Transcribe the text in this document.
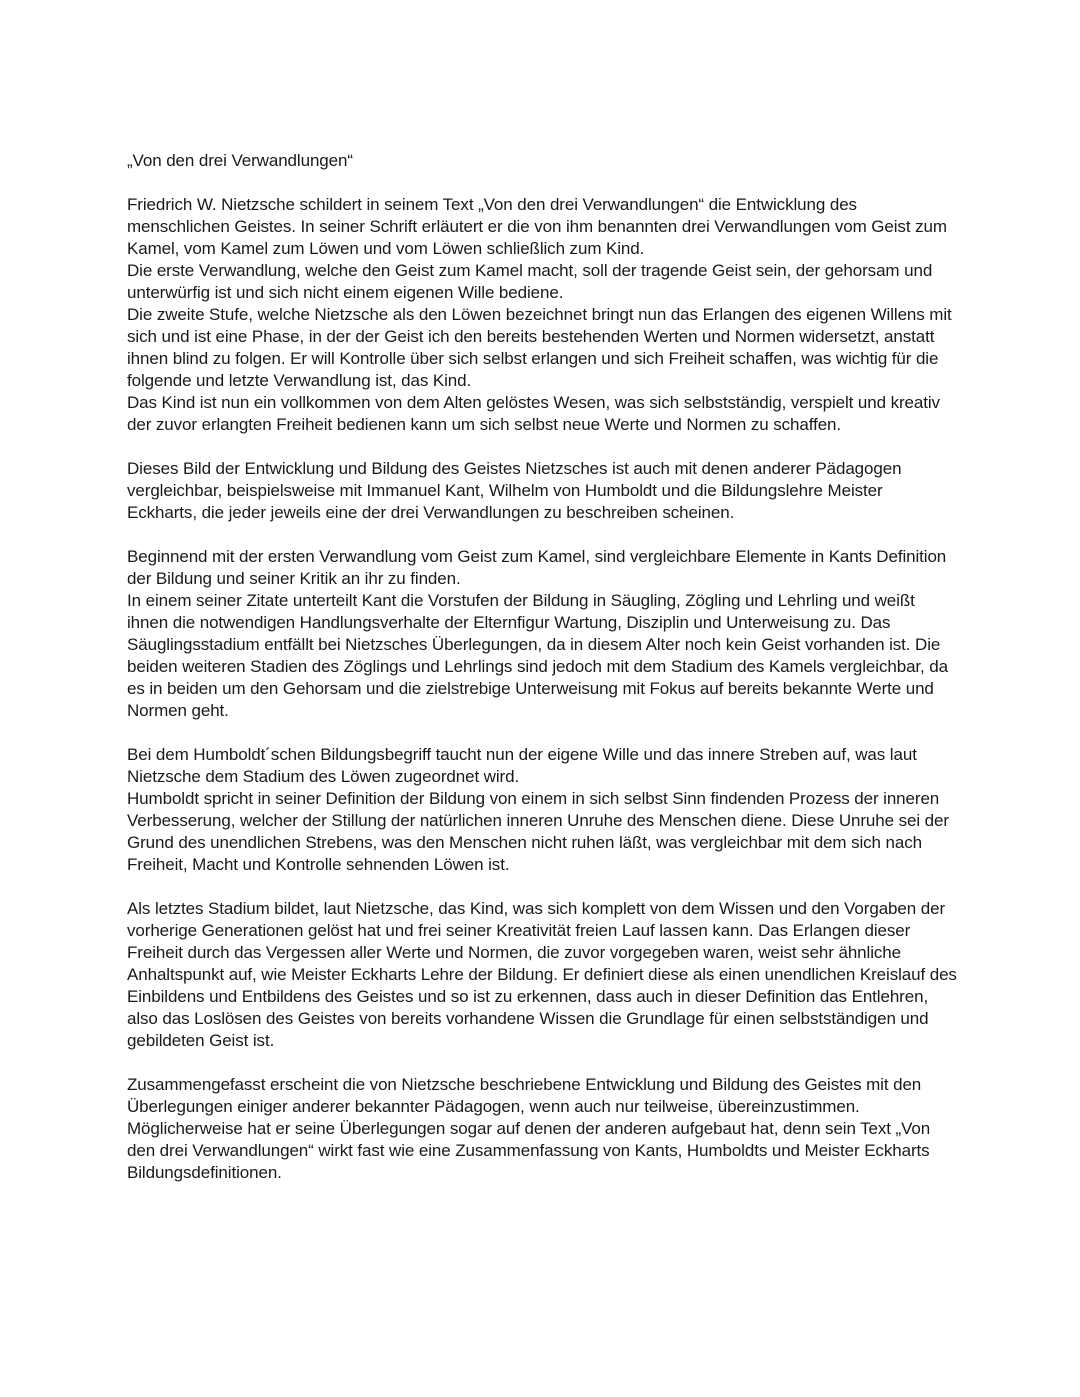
„Von den drei Verwandlungen“

Friedrich W. Nietzsche schildert in seinem Text „Von den drei Verwandlungen“ die Entwicklung des menschlichen Geistes. In seiner Schrift erläutert er die von ihm benannten drei Verwandlungen vom Geist zum Kamel, vom Kamel zum Löwen und vom Löwen schließlich zum Kind.

Die erste Verwandlung, welche den Geist zum Kamel macht, soll der tragende Geist sein, der gehorsam und unterwürfig ist und sich nicht einem eigenen Wille bediene.

Die zweite Stufe, welche Nietzsche als den Löwen bezeichnet bringt nun das Erlangen des eigenen Willens mit sich und ist eine Phase, in der der Geist ich den bereits bestehenden Werten und Normen widersetzt, anstatt ihnen blind zu folgen. Er will Kontrolle über sich selbst erlangen und sich Freiheit schaffen, was wichtig für die folgende und letzte Verwandlung ist, das Kind.

Das Kind ist nun ein vollkommen von dem Alten gelöstes Wesen, was sich selbstständig, verspielt und kreativ der zuvor erlangten Freiheit bedienen kann um sich selbst neue Werte und Normen zu schaffen.

Dieses Bild der Entwicklung und Bildung des Geistes Nietzsches ist auch mit denen anderer Pädagogen vergleichbar, beispielsweise mit Immanuel Kant, Wilhelm von Humboldt und die Bildungslehre Meister Eckharts, die jeder jeweils eine der drei Verwandlungen zu beschreiben scheinen.

Beginnend mit der ersten Verwandlung vom Geist zum Kamel, sind vergleichbare Elemente in Kants Definition der Bildung und seiner Kritik an ihr zu finden.

In einem seiner Zitate unterteilt Kant die Vorstufen der Bildung in Säugling, Zögling und Lehrling und weißt ihnen die notwendigen Handlungsverhalte der Elternfigur Wartung, Disziplin und Unterweisung zu. Das Säuglingsstadium entfällt bei Nietzsches Überlegungen, da in diesem Alter noch kein Geist vorhanden ist. Die beiden weiteren Stadien des Zöglings und Lehrlings sind jedoch mit dem Stadium des Kamels vergleichbar, da es in beiden um den Gehorsam und die zielstrebige Unterweisung mit Fokus auf bereits bekannte Werte und Normen geht.

Bei dem Humboldt´schen Bildungsbegriff taucht nun der eigene Wille und das innere Streben auf, was laut Nietzsche dem Stadium des Löwen zugeordnet wird.

Humboldt spricht in seiner Definition der Bildung von einem in sich selbst Sinn findenden Prozess der inneren Verbesserung, welcher der Stillung der natürlichen inneren Unruhe des Menschen diene. Diese Unruhe sei der Grund des unendlichen Strebens, was den Menschen nicht ruhen läßt, was vergleichbar mit dem sich nach Freiheit, Macht und Kontrolle sehnenden Löwen ist.

Als letztes Stadium bildet, laut Nietzsche, das Kind, was sich komplett von dem Wissen und den Vorgaben der vorherige Generationen gelöst hat und frei seiner Kreativität freien Lauf lassen kann. Das Erlangen dieser Freiheit durch das Vergessen aller Werte und Normen, die zuvor vorgegeben waren, weist sehr ähnliche Anhaltspunkt auf, wie Meister Eckharts Lehre der Bildung. Er definiert diese als einen unendlichen Kreislauf des Einbildens und Entbildens des Geistes und so ist zu erkennen, dass auch in dieser Definition das Entlehren, also das Loslösen des Geistes von bereits vorhandene Wissen die Grundlage für einen selbstständigen und gebildeten Geist ist.

Zusammengefasst erscheint die von Nietzsche beschriebene Entwicklung und Bildung des Geistes mit den Überlegungen einiger anderer bekannter Pädagogen, wenn auch nur teilweise, übereinzustimmen. Möglicherweise hat er seine Überlegungen sogar auf denen der anderen aufgebaut hat, denn sein Text „Von den drei Verwandlungen“ wirkt fast wie eine Zusammenfassung von Kants, Humboldts und Meister Eckharts Bildungsdefinitionen.
